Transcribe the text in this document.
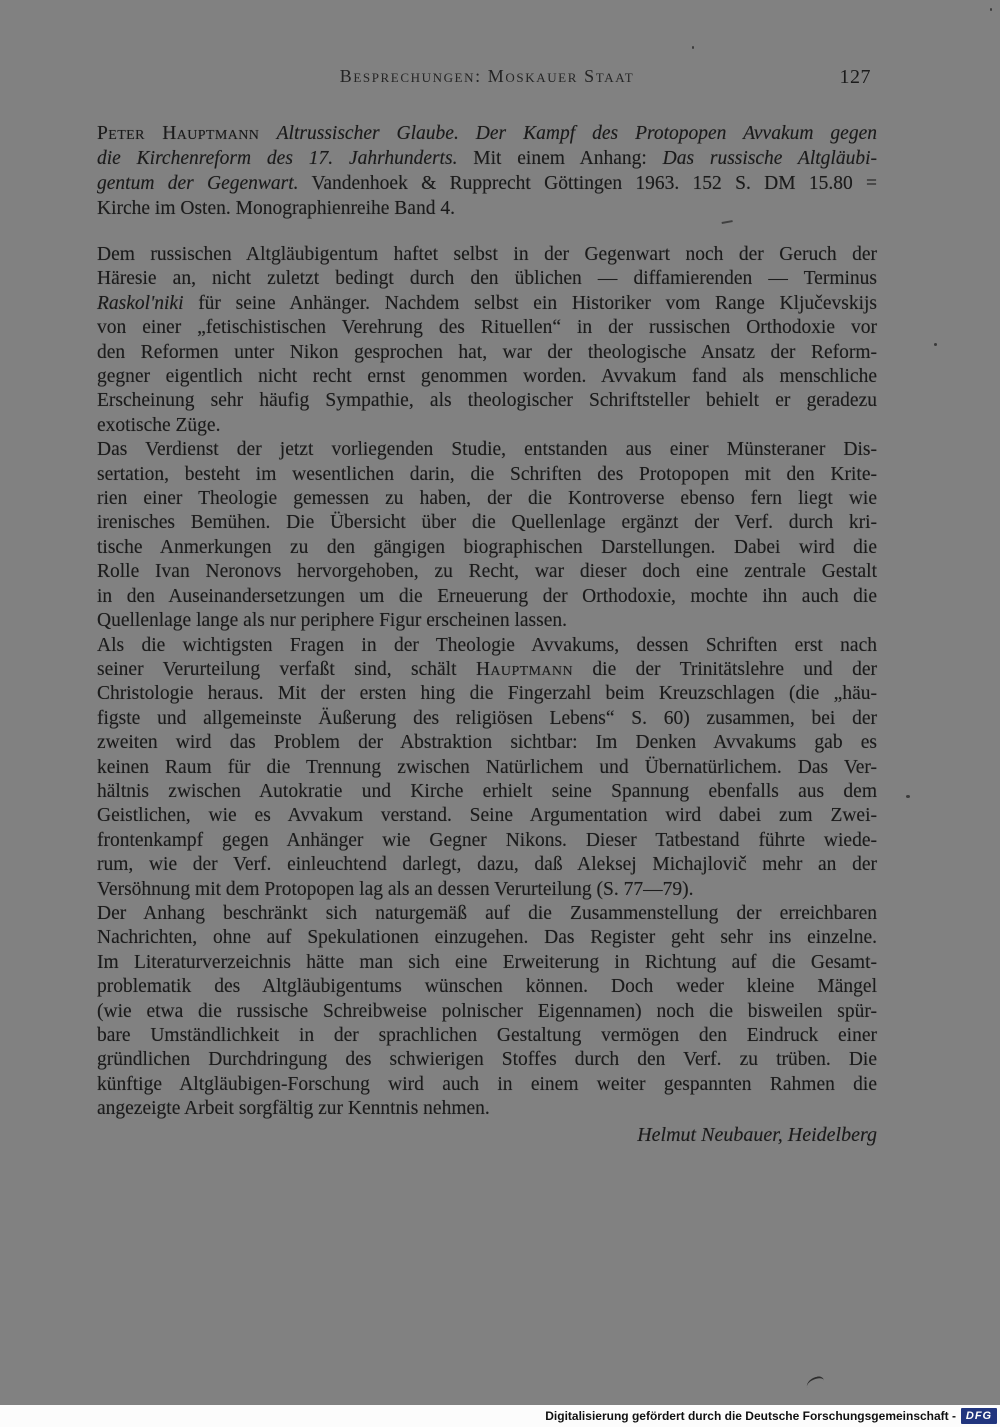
Besprechungen: Moskauer Staat	127
Peter Hauptmann Altrussischer Glaube. Der Kampf des Protopopen Avvakum gegen
die Kirchenreform des 17. Jahrhunderts. Mit einem Anhang: Das russische Altgläubi-
gentum der Gegenwart. Vandenhoek & Rupprecht Göttingen 1963. 152 S. DM 15.80 =
Kirche im Osten. Monographienreihe Band 4.
Dem russischen Altgläubigentum haftet selbst in der Gegenwart noch der Geruch der
Häresie an, nicht zuletzt bedingt durch den üblichen — diffamierenden — Terminus
Raskol'niki für seine Anhänger. Nachdem selbst ein Historiker vom Range Ključevskijs
von einer „fetischistischen Verehrung des Rituellen“ in der russischen Orthodoxie vor
den Reformen unter Nikon gesprochen hat, war der theologische Ansatz der Reform-
gegner eigentlich nicht recht ernst genommen worden. Avvakum fand als menschliche
Erscheinung sehr häufig Sympathie, als theologischer Schriftsteller behielt er geradezu
exotische Züge.
Das Verdienst der jetzt vorliegenden Studie, entstanden aus einer Münsteraner Dis-
sertation, besteht im wesentlichen darin, die Schriften des Protopopen mit den Krite-
rien einer Theologie gemessen zu haben, der die Kontroverse ebenso fern liegt wie
irenisches Bemühen. Die Übersicht über die Quellenlage ergänzt der Verf. durch kri-
tische Anmerkungen zu den gängigen biographischen Darstellungen. Dabei wird die
Rolle Ivan Neronovs hervorgehoben, zu Recht, war dieser doch eine zentrale Gestalt
in den Auseinandersetzungen um die Erneuerung der Orthodoxie, mochte ihn auch die
Quellenlage lange als nur periphere Figur erscheinen lassen.
Als die wichtigsten Fragen in der Theologie Avvakums, dessen Schriften erst nach
seiner Verurteilung verfaßt sind, schält Hauptmann die der Trinitätslehre und der
Christologie heraus. Mit der ersten hing die Fingerzahl beim Kreuzschlagen (die „häu-
figste und allgemeinste Äußerung des religiösen Lebens“ S. 60) zusammen, bei der
zweiten wird das Problem der Abstraktion sichtbar: Im Denken Avvakums gab es
keinen Raum für die Trennung zwischen Natürlichem und Übernatürlichem. Das Ver-
hältnis zwischen Autokratie und Kirche erhielt seine Spannung ebenfalls aus dem
Geistlichen, wie es Avvakum verstand. Seine Argumentation wird dabei zum Zwei-
frontenkampf gegen Anhänger wie Gegner Nikons. Dieser Tatbestand führte wiede-
rum, wie der Verf. einleuchtend darlegt, dazu, daß Aleksej Michajlovič mehr an der
Versöhnung mit dem Protopopen lag als an dessen Verurteilung (S. 77—79).
Der Anhang beschränkt sich naturgemäß auf die Zusammenstellung der erreichbaren
Nachrichten, ohne auf Spekulationen einzugehen. Das Register geht sehr ins einzelne.
Im Literaturverzeichnis hätte man sich eine Erweiterung in Richtung auf die Gesamt-
problematik des Altgläubigentums wünschen können. Doch weder kleine Mängel
(wie etwa die russische Schreibweise polnischer Eigennamen) noch die bisweilen spür-
bare Umständlichkeit in der sprachlichen Gestaltung vermögen den Eindruck einer
gründlichen Durchdringung des schwierigen Stoffes durch den Verf. zu trüben. Die
künftige Altgläubigen-Forschung wird auch in einem weiter gespannten Rahmen die
angezeigte Arbeit sorgfältig zur Kenntnis nehmen.
Helmut Neubauer, Heidelberg
Digitalisierung gefördert durch die Deutsche Forschungsgemeinschaft - DFG
